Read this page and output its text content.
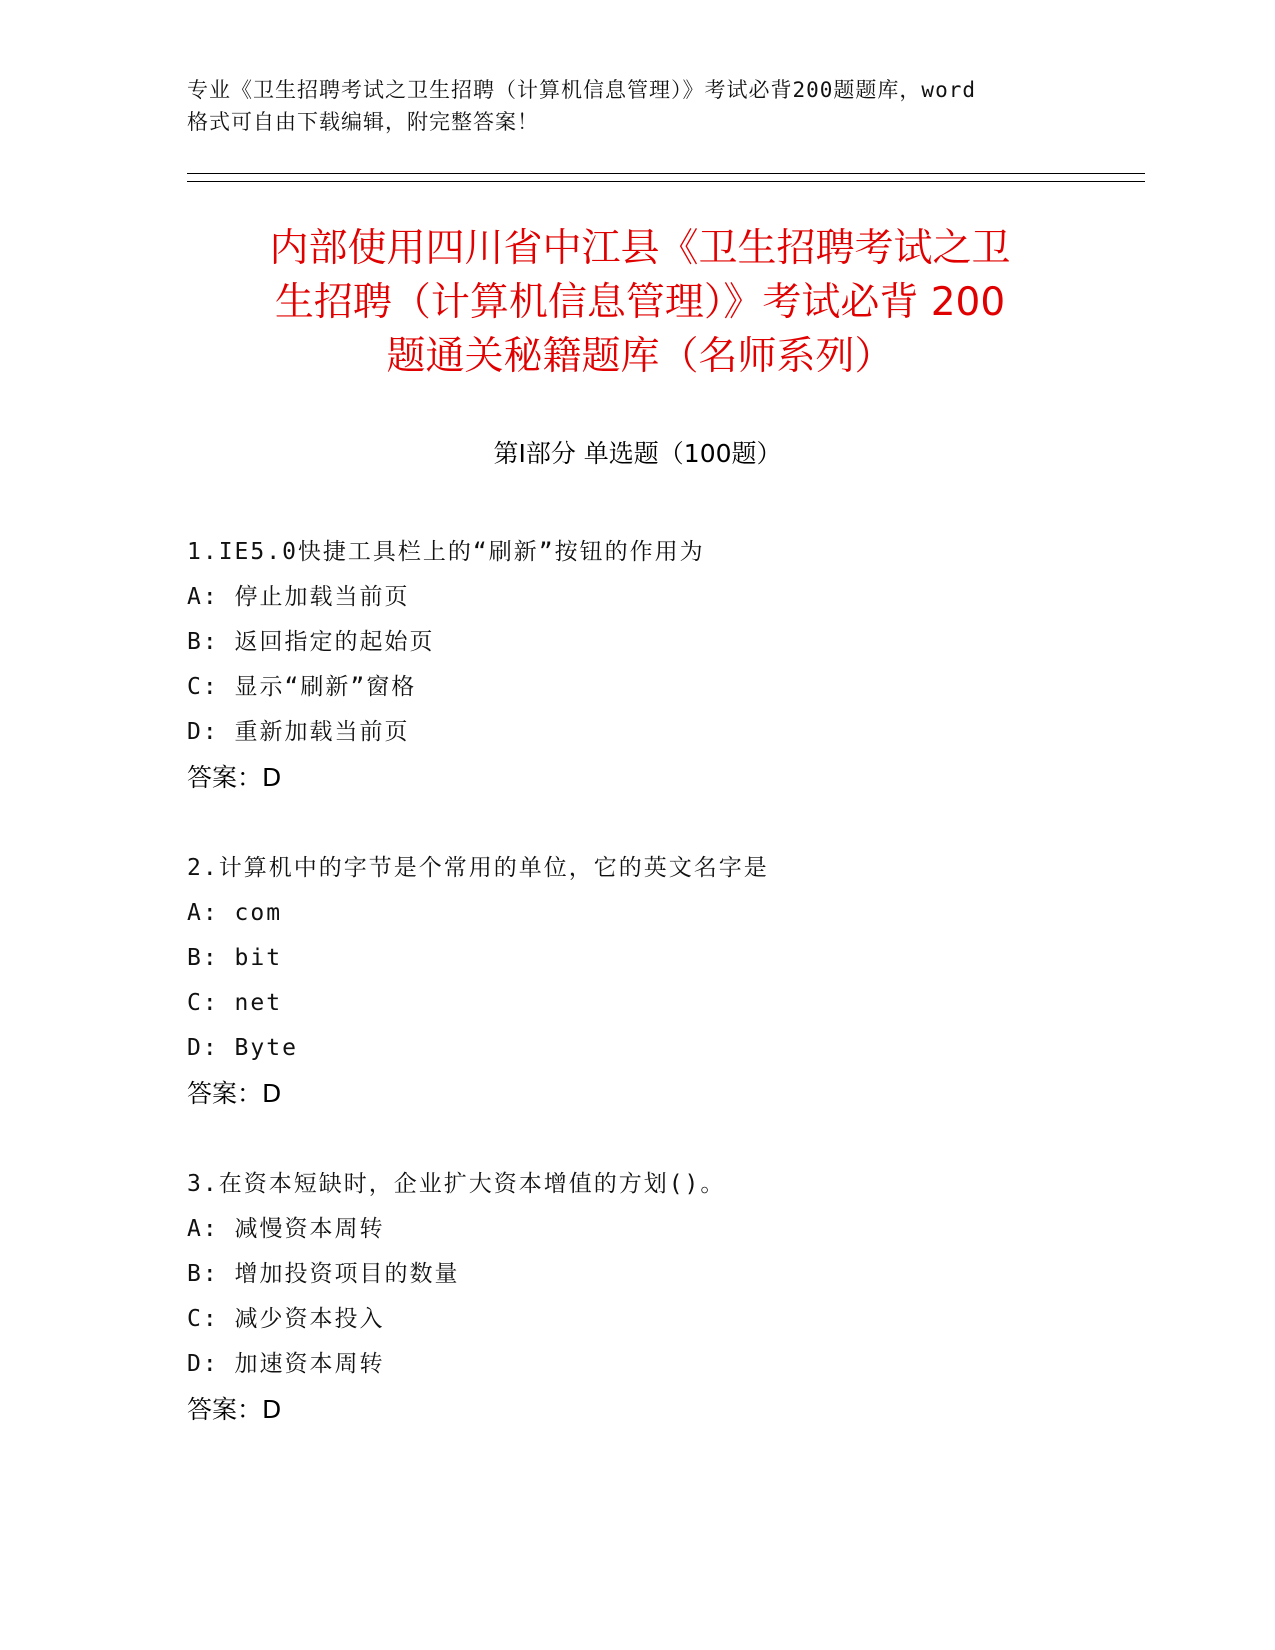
专业《卫生招聘考试之卫生招聘（计算机信息管理）》考试必背200题题库，word
格式可自由下载编辑，附完整答案！
内部使用四川省中江县《卫生招聘考试之卫
生招聘（计算机信息管理）》考试必背 200
题通关秘籍题库（名师系列）
第Ⅰ部分 单选题（100题）
1.IE5.0快捷工具栏上的“刷新”按钮的作用为
A: 停止加载当前页
B: 返回指定的起始页
C: 显示“刷新”窗格
D: 重新加载当前页
答案：D
2.计算机中的字节是个常用的单位，它的英文名字是
A: com
B: bit
C: net
D: Byte
答案：D
3.在资本短缺时，企业扩大资本增值的方划()。
A: 减慢资本周转
B: 增加投资项目的数量
C: 减少资本投入
D: 加速资本周转
答案：D
